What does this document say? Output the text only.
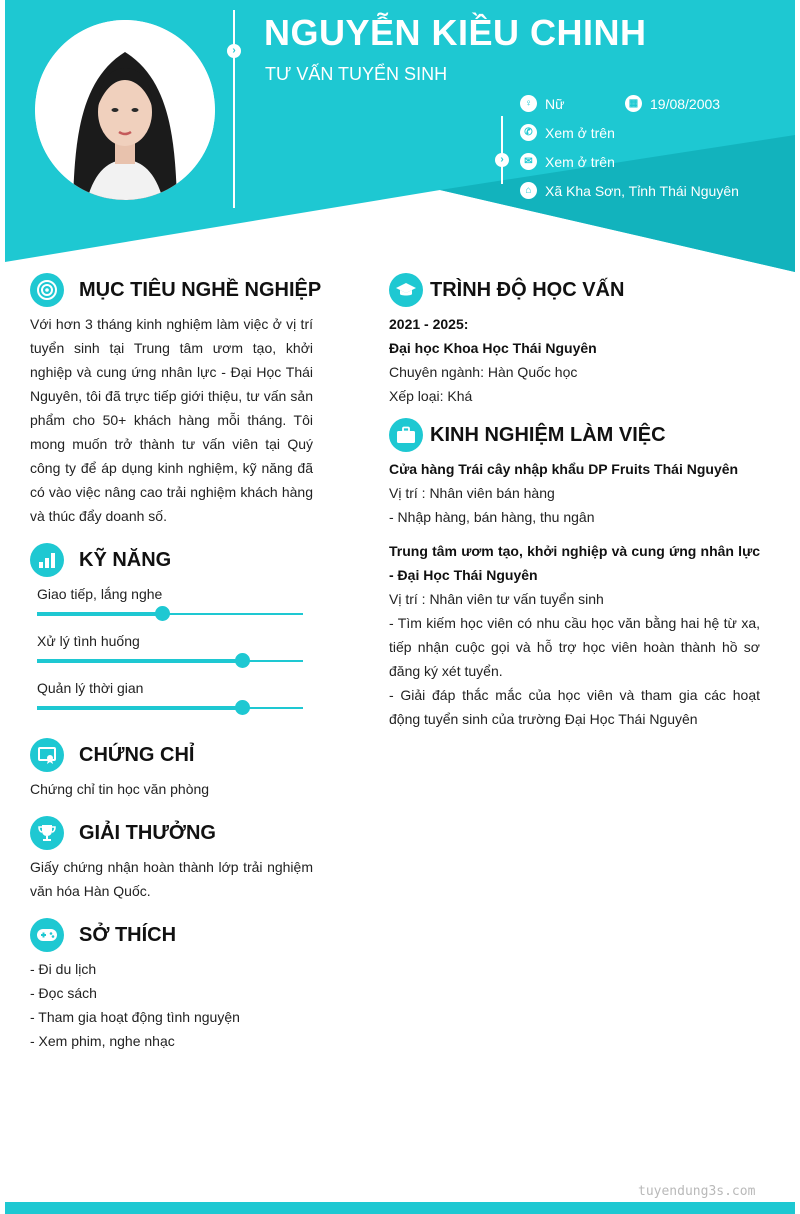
›
›
NGUYỄN KIỀU CHINH
TƯ VẤN TUYỂN SINH
♀ Nữ	▦ 19/08/2003
✆ Xem ở trên
✉ Xem ở trên
⌂ Xã Kha Sơn, Tỉnh Thái Nguyên
MỤC TIÊU NGHỀ NGHIỆP
Với hơn 3 tháng kinh nghiệm làm việc ở vị trí tuyển sinh tại Trung tâm ươm tạo, khởi nghiệp và cung ứng nhân lực - Đại Học Thái Nguyên, tôi đã trực tiếp giới thiệu, tư vấn sản phẩm cho 50+ khách hàng mỗi tháng. Tôi mong muốn trở thành tư vấn viên tại Quý công ty để áp dụng kinh nghiệm, kỹ năng đã có vào việc nâng cao trải nghiệm khách hàng và thúc đẩy doanh số.
KỸ NĂNG
Giao tiếp, lắng nghe
Xử lý tình huống
Quản lý thời gian
CHỨNG CHỈ
Chứng chỉ tin học văn phòng
GIẢI THƯỞNG
Giấy chứng nhận hoàn thành lớp trải nghiệm văn hóa Hàn Quốc.
SỞ THÍCH
- Đi du lịch
- Đọc sách
- Tham gia hoạt động tình nguyện
- Xem phim, nghe nhạc
TRÌNH ĐỘ HỌC VẤN
2021 - 2025:
Đại học Khoa Học Thái Nguyên
Chuyên ngành: Hàn Quốc học
Xếp loại: Khá
KINH NGHIỆM LÀM VIỆC
Cửa hàng Trái cây nhập khẩu DP Fruits Thái Nguyên
Vị trí : Nhân viên bán hàng
- Nhập hàng, bán hàng, thu ngân
Trung tâm ươm tạo, khởi nghiệp và cung ứng nhân lực - Đại Học Thái Nguyên
Vị trí : Nhân viên tư vấn tuyển sinh
- Tìm kiếm học viên có nhu cầu học văn bằng hai hệ từ xa, tiếp nhận cuộc gọi và hỗ trợ học viên hoàn thành hồ sơ đăng ký xét tuyển.
- Giải đáp thắc mắc của học viên và tham gia các hoạt động tuyển sinh của trường Đại Học Thái Nguyên
tuyendung3s.com
